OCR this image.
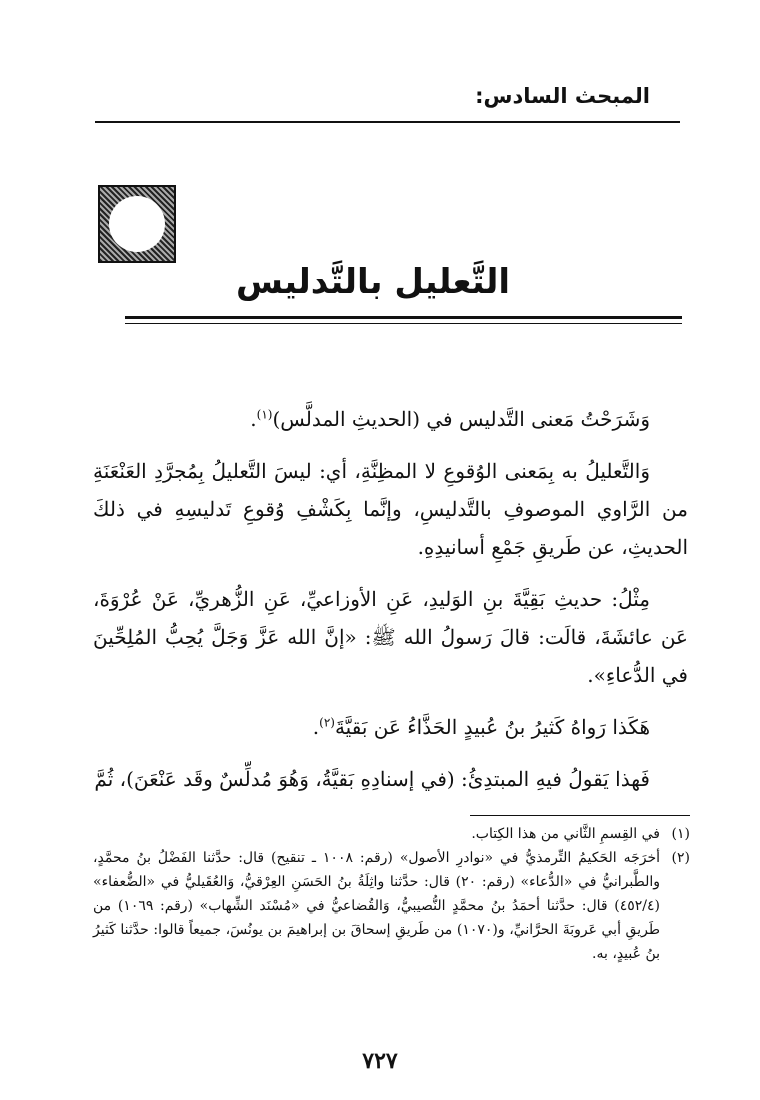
المبحث السادس:
التَّعليل بالتَّدليس

وَشَرَحْتُ مَعنى التَّدليس في (الحديثِ المدلَّس)$^{(١)}$.

وَالتَّعليلُ به بِمَعنى الوُقوعِ لا المظِنَّةِ، أي: ليسَ التَّعليلُ بِمُجرَّدِ العَنْعَنَةِ من الرَّاوي الموصوفِ بالتَّدليسِ، وإنَّما بِكَشْفِ وُقوعِ تَدليسِهِ في ذلكَ الحديثِ، عن طَريقِ جَمْعِ أسانيدِهِ.

مِثْلُ: حديثِ بَقِيَّةَ بنِ الوَليدِ، عَنِ الأوزاعيِّ، عَنِ الزُّهريِّ، عَنْ عُرْوَةَ، عَن عائشَةَ، قالَت: قالَ رَسولُ الله ﷺ: «إنَّ الله عَزَّ وَجَلَّ يُحِبُّ المُلِحِّينَ في الدُّعاءِ».

هَكَذا رَواهُ كَثيرُ بنُ عُبيدٍ الحَذَّاءُ عَن بَقيَّةَ$^{(٢)}$.

فَهذا يَقولُ فيهِ المبتدِئُ: (في إسنادِهِ بَقيَّةُ، وَهُوَ مُدلِّسٌ وقَد عَنْعَنَ)، ثُمَّ

(١)
في القِسمِ الثَّاني من هذا الكِتاب.
(٢)
أخرَجَه الحَكيمُ التِّرمذيُّ في «نوادرِ الأصول» (رقم: ١٠٠٨ ـ تنقيح) قال: حدَّثنا الفَضْلُ بنُ محمَّدٍ، والطَّبرانيُّ في «الدُّعاء» (رقم: ٢٠) قال: حدَّثنا واثِلَةُ بنُ الحَسَنِ العِرْقيُّ، وَالعُقَيليُّ في «الضُّعفاء» (٤٥٢/٤) قال: حدَّثنا أحمَدُ بنُ محمَّدٍ النُّصيبيُّ، وَالقُضاعيُّ في «مُسْنَد الشِّهاب» (رقم: ١٠٦٩) من طَريقِ أبي عَروبَةَ الحرَّانيِّ، و(١٠٧٠) من طَريقِ إسحاقَ بن إبراهيمَ بن يونُسَ، جميعاً قالوا: حدَّثنا كَثيرُ بنُ عُبيدٍ، به.
٧٢٧
